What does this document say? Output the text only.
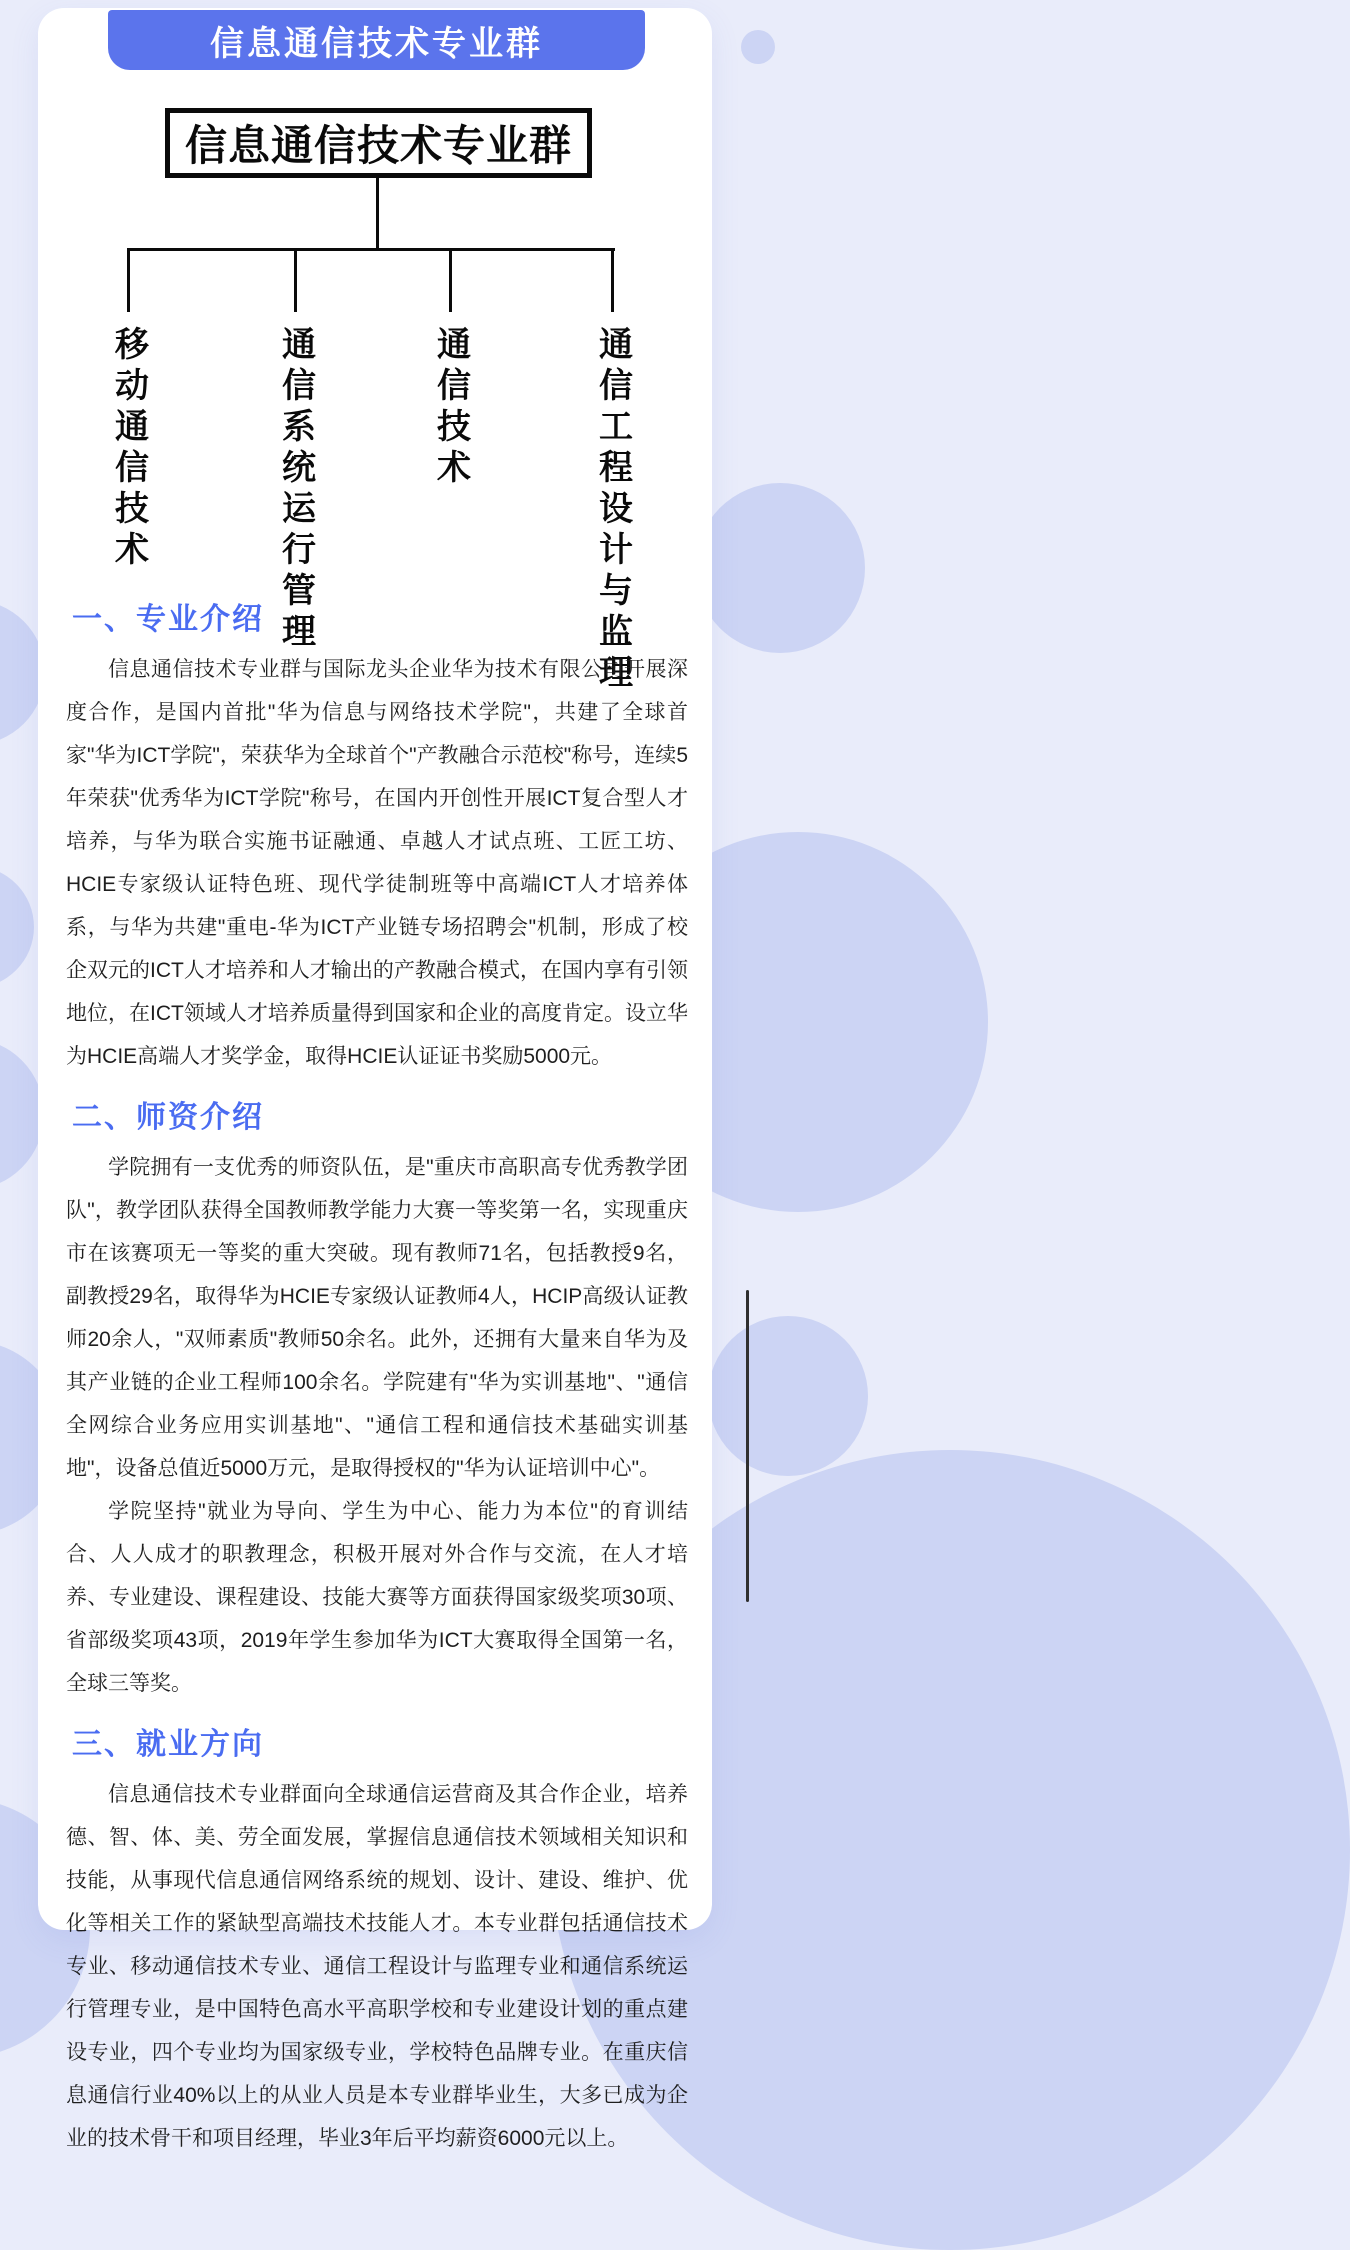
信息通信技术专业群
信息通信技术专业群
移动通信技术	通信系统运行管理	通信技术	通信工程设计与监理
一、专业介绍

信息通信技术专业群与国际龙头企业华为技术有限公司开展深度合作，是国内首批"华为信息与网络技术学院"，共建了全球首家"华为ICT学院"，荣获华为全球首个"产教融合示范校"称号，连续5年荣获"优秀华为ICT学院"称号，在国内开创性开展ICT复合型人才培养，与华为联合实施书证融通、卓越人才试点班、工匠工坊、HCIE专家级认证特色班、现代学徒制班等中高端ICT人才培养体系，与华为共建"重电-华为ICT产业链专场招聘会"机制，形成了校企双元的ICT人才培养和人才输出的产教融合模式，在国内享有引领地位，在ICT领域人才培养质量得到国家和企业的高度肯定。设立华为HCIE高端人才奖学金，取得HCIE认证证书奖励5000元。

二、师资介绍

学院拥有一支优秀的师资队伍，是"重庆市高职高专优秀教学团队"，教学团队获得全国教师教学能力大赛一等奖第一名，实现重庆市在该赛项无一等奖的重大突破。现有教师71名，包括教授9名，副教授29名，取得华为HCIE专家级认证教师4人，HCIP高级认证教师20余人，"双师素质"教师50余名。此外，还拥有大量来自华为及其产业链的企业工程师100余名。学院建有"华为实训基地"、"通信全网综合业务应用实训基地"、"通信工程和通信技术基础实训基地"，设备总值近5000万元，是取得授权的"华为认证培训中心"。

学院坚持"就业为导向、学生为中心、能力为本位"的育训结合、人人成才的职教理念，积极开展对外合作与交流，在人才培养、专业建设、课程建设、技能大赛等方面获得国家级奖项30项、省部级奖项43项，2019年学生参加华为ICT大赛取得全国第一名，全球三等奖。

三、就业方向

信息通信技术专业群面向全球通信运营商及其合作企业，培养德、智、体、美、劳全面发展，掌握信息通信技术领域相关知识和技能，从事现代信息通信网络系统的规划、设计、建设、维护、优化等相关工作的紧缺型高端技术技能人才。本专业群包括通信技术专业、移动通信技术专业、通信工程设计与监理专业和通信系统运行管理专业，是中国特色高水平高职学校和专业建设计划的重点建设专业，四个专业均为国家级专业，学校特色品牌专业。在重庆信息通信行业40%以上的从业人员是本专业群毕业生，大多已成为企业的技术骨干和项目经理，毕业3年后平均薪资6000元以上。
